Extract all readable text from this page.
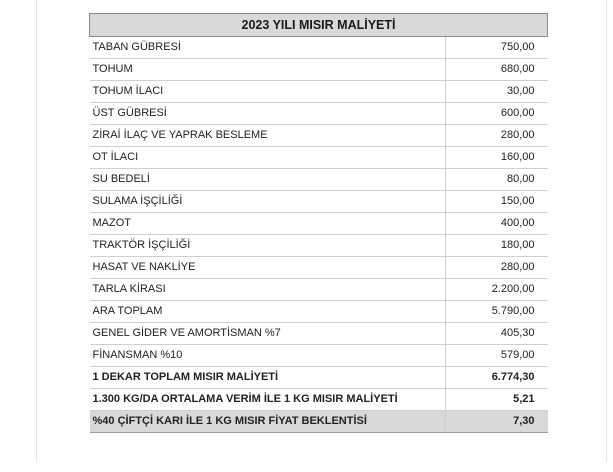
2023 YILI MISIR MALİYETİ	
TABAN GÜBRESİ	750,00
TOHUM	680,00
TOHUM İLACI	30,00
ÜST GÜBRESİ	600,00
ZİRAİ İLAÇ VE YAPRAK BESLEME	280,00
OT İLACI	160,00
SU BEDELİ	80,00
SULAMA İŞÇİLİĞİ	150,00
MAZOT	400,00
TRAKTÖR İŞÇİLİĞİ	180,00
HASAT VE NAKLİYE	280,00
TARLA KİRASI	2.200,00
ARA TOPLAM	5.790,00
GENEL GİDER VE AMORTİSMAN %7	405,30
FİNANSMAN %10	579,00
1 DEKAR TOPLAM MISIR MALİYETİ	6.774,30
1.300 KG/DA ORTALAMA VERİM İLE 1 KG MISIR MALİYETİ	5,21
%40 ÇİFTÇİ KARI İLE 1 KG MISIR FİYAT BEKLENTİSİ	7,30
